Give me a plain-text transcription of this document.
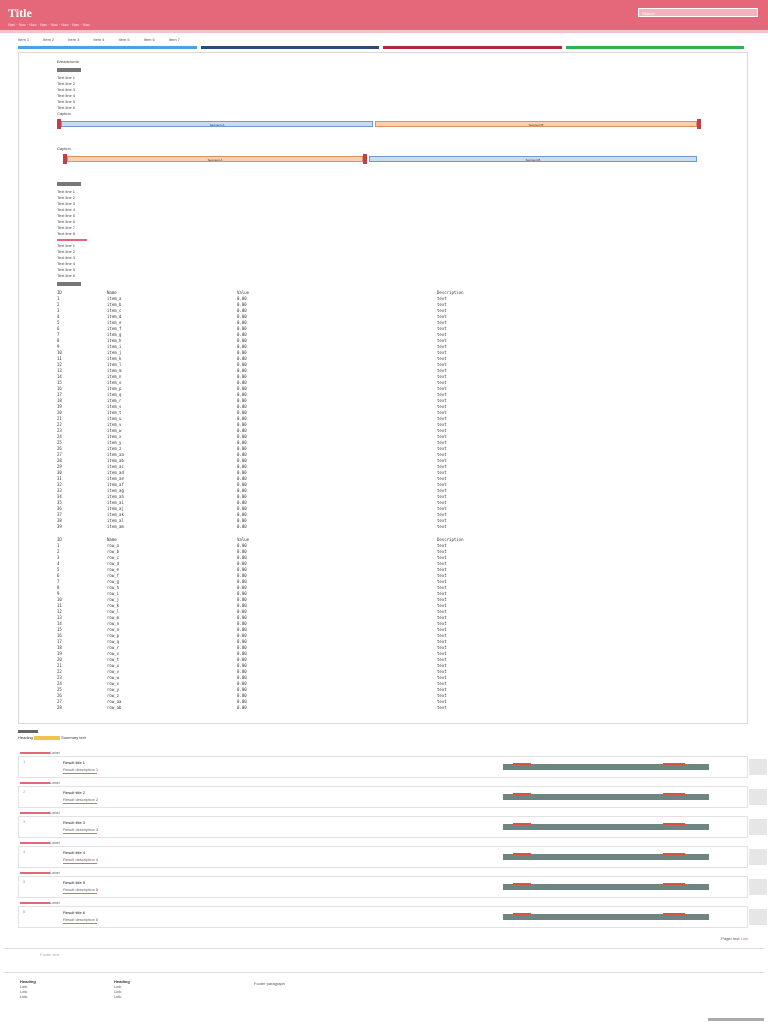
Title
Nav · Nav · Nav · Nav · Nav · Nav · Nav · Nav
Search
Item 1	Item 2	Item 3	Item 4	Item 5	Item 6	Item 7
Breadcrumb
Text line 1
Text line 2
Text line 3
Text line 4
Text line 5
Text line 6
Caption
Segment A	Segment B
Caption
Segment A	Segment B
Text line 1
Text line 2
Text line 3
Text line 4
Text line 5
Text line 6
Text line 7
Text line 8
Text line 1
Text line 2
Text line 3
Text line 4
Text line 5
Text line 6
ID	Name	Value	Description
1	item_a	0.00	text
2	item_b	0.00	text
3	item_c	0.00	text
4	item_d	0.00	text
5	item_e	0.00	text
6	item_f	0.00	text
7	item_g	0.00	text
8	item_h	0.00	text
9	item_i	0.00	text
10	item_j	0.00	text
11	item_k	0.00	text
12	item_l	0.00	text
13	item_m	0.00	text
14	item_n	0.00	text
15	item_o	0.00	text
16	item_p	0.00	text
17	item_q	0.00	text
18	item_r	0.00	text
19	item_s	0.00	text
20	item_t	0.00	text
21	item_u	0.00	text
22	item_v	0.00	text
23	item_w	0.00	text
24	item_x	0.00	text
25	item_y	0.00	text
26	item_z	0.00	text
27	item_aa	0.00	text
28	item_ab	0.00	text
29	item_ac	0.00	text
30	item_ad	0.00	text
31	item_ae	0.00	text
32	item_af	0.00	text
33	item_ag	0.00	text
34	item_ah	0.00	text
35	item_ai	0.00	text
36	item_aj	0.00	text
37	item_ak	0.00	text
38	item_al	0.00	text
39	item_am	0.00	text
ID	Name	Value	Description
1	row_a	0.00	text
2	row_b	0.00	text
3	row_c	0.00	text
4	row_d	0.00	text
5	row_e	0.00	text
6	row_f	0.00	text
7	row_g	0.00	text
8	row_h	0.00	text
9	row_i	0.00	text
10	row_j	0.00	text
11	row_k	0.00	text
12	row_l	0.00	text
13	row_m	0.00	text
14	row_n	0.00	text
15	row_o	0.00	text
16	row_p	0.00	text
17	row_q	0.00	text
18	row_r	0.00	text
19	row_s	0.00	text
20	row_t	0.00	text
21	row_u	0.00	text
22	row_v	0.00	text
23	row_w	0.00	text
24	row_x	0.00	text
25	row_y	0.00	text
26	row_z	0.00	text
27	row_aa	0.00	text
28	row_ab	0.00	text
Heading	Summary text
Label
1	Result title 1
Result description 1
Label
2	Result title 2
Result description 2
Label
3	Result title 3
Result description 3
Label
4	Result title 4
Result description 4
Label
5	Result title 5
Result description 5
Label
6	Result title 6
Result description 6
Pager text Link
Footer text
Heading
Link
Link
Link
Heading
Link
Link
Link
Footer paragraph
